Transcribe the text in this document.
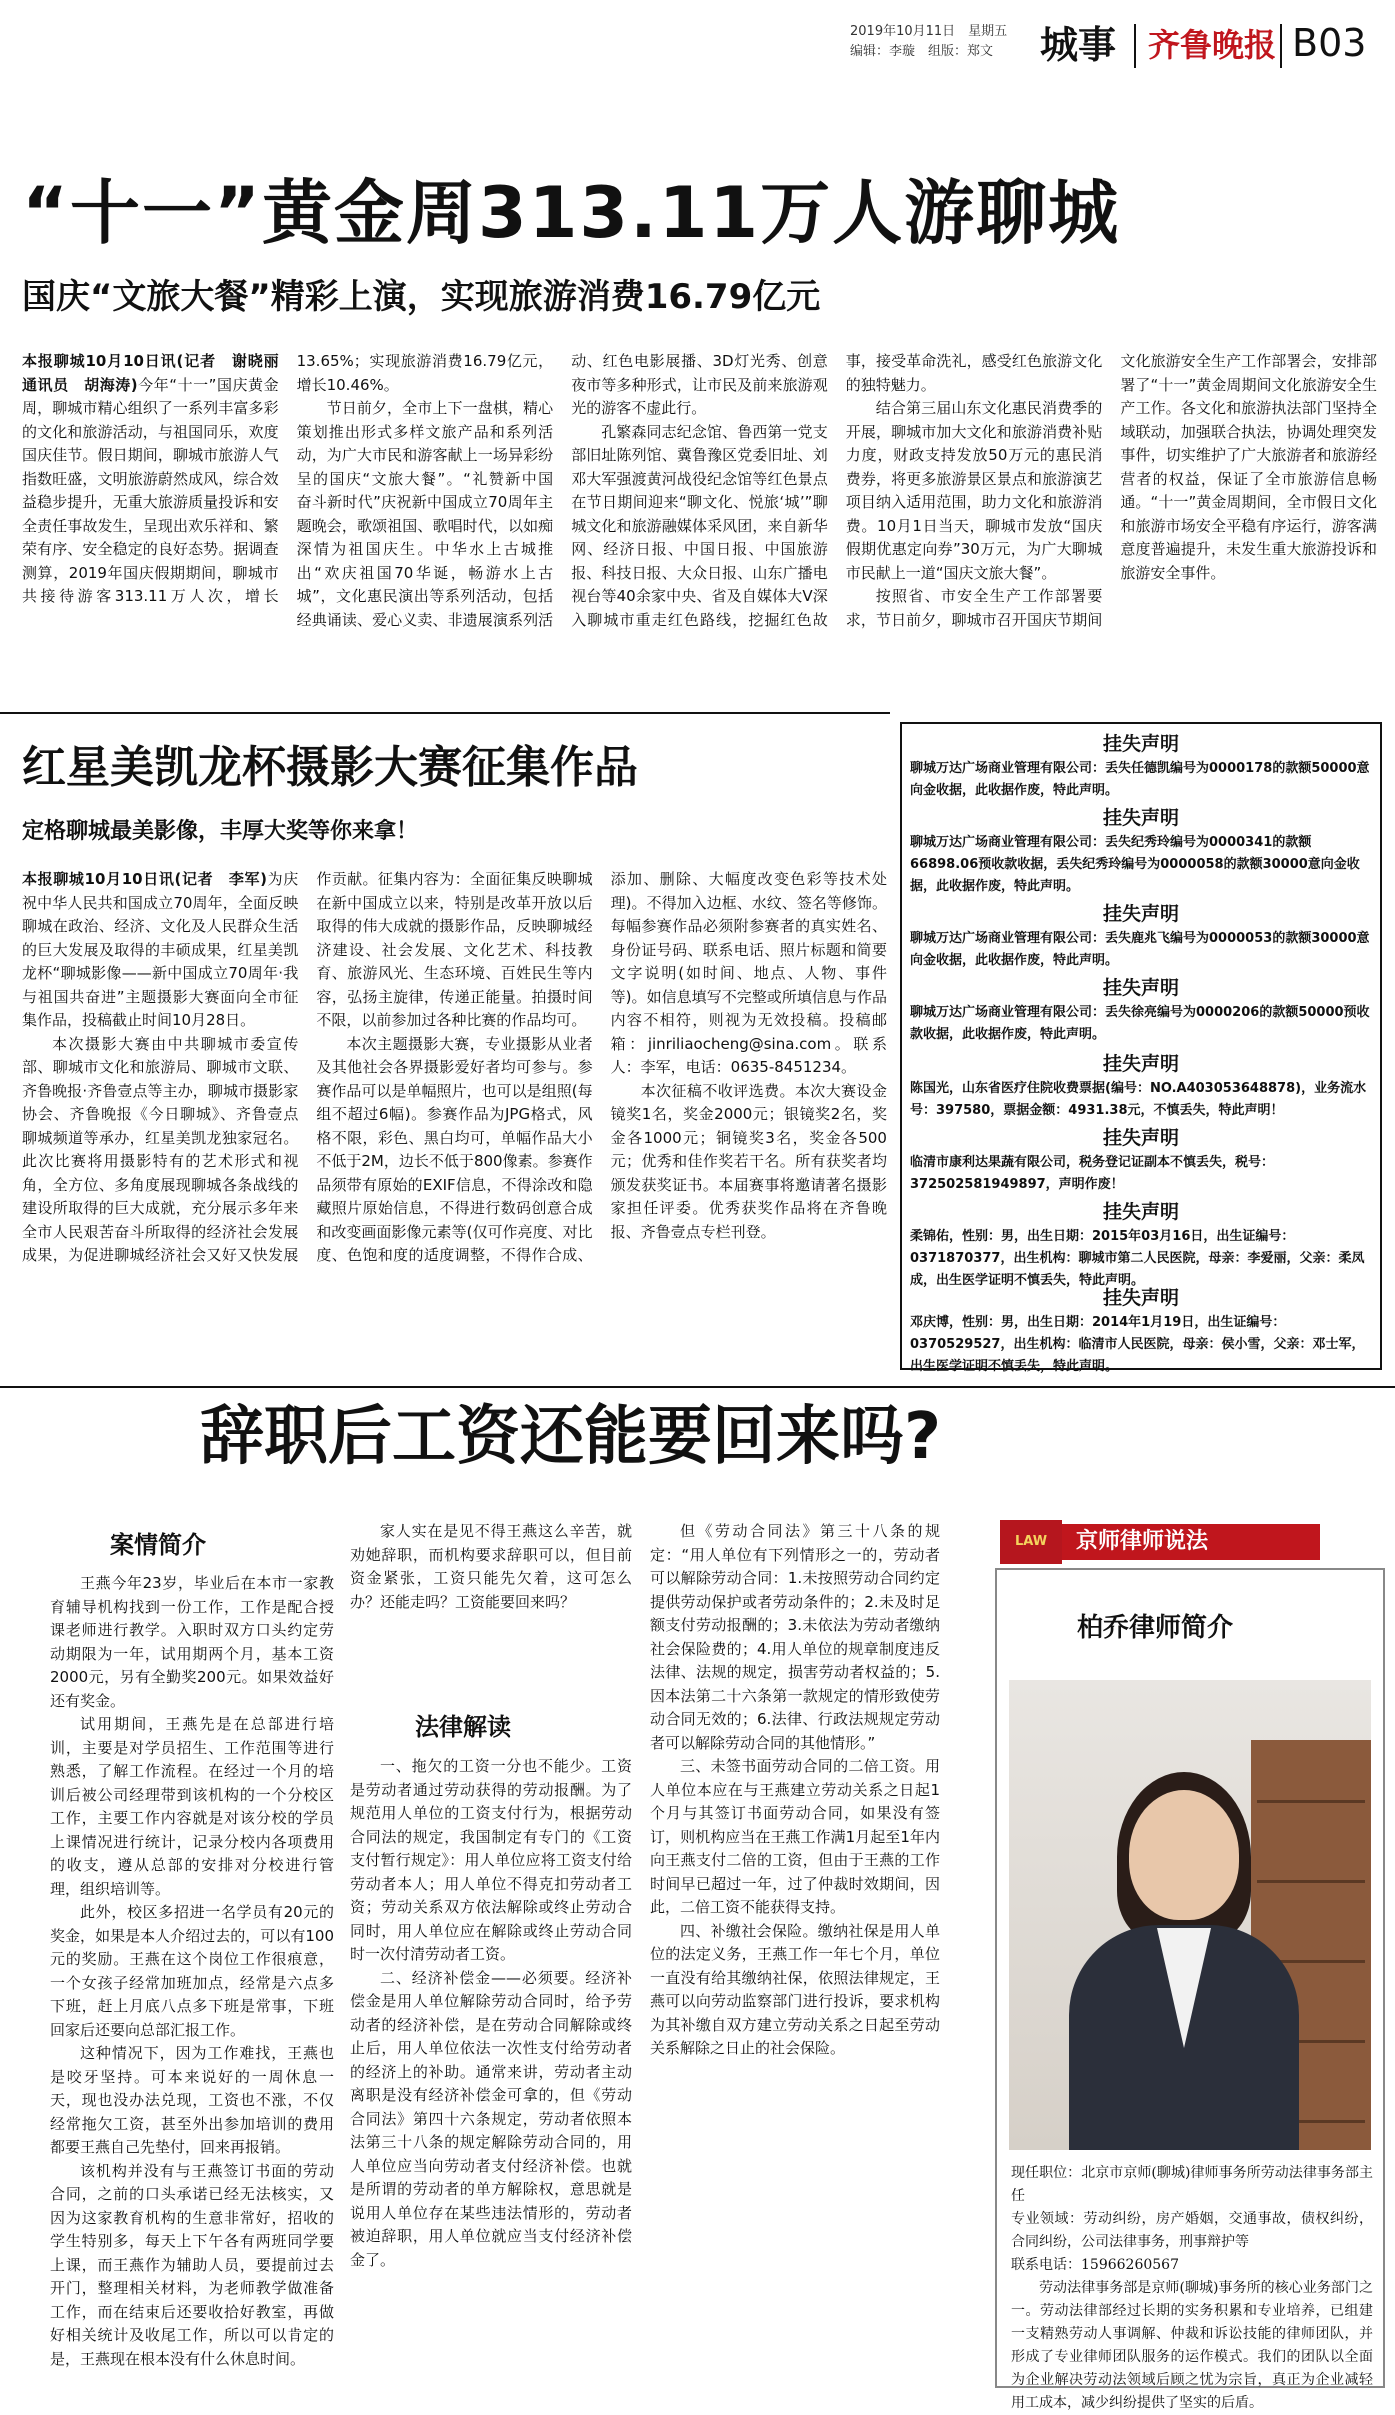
2019年10月11日　星期五
编辑：李璇　组版：郑文	城事 齐鲁晚报 B03
“十一”黄金周313.11万人游聊城
国庆“文旅大餐”精彩上演，实现旅游消费16.79亿元

本报聊城10月10日讯(记者　谢晓丽　通讯员　胡海涛)今年“十一”国庆黄金周，聊城市精心组织了一系列丰富多彩的文化和旅游活动，与祖国同乐，欢度国庆佳节。假日期间，聊城市旅游人气指数旺盛，文明旅游蔚然成风，综合效益稳步提升，无重大旅游质量投诉和安全责任事故发生，呈现出欢乐祥和、繁荣有序、安全稳定的良好态势。据调查测算，2019年国庆假期期间，聊城市共接待游客313.11万人次，增长13.65%；实现旅游消费16.79亿元，增长10.46%。

节日前夕，全市上下一盘棋，精心策划推出形式多样文旅产品和系列活动，为广大市民和游客献上一场异彩纷呈的国庆“文旅大餐”。“礼赞新中国　奋斗新时代”庆祝新中国成立70周年主题晚会，歌颂祖国、歌唱时代，以如痴深情为祖国庆生。中华水上古城推出“欢庆祖国70华诞，畅游水上古城”，文化惠民演出等系列活动，包括经典诵读、爱心义卖、非遗展演系列活动、红色电影展播、3D灯光秀、创意夜市等多种形式，让市民及前来旅游观光的游客不虚此行。

孔繁森同志纪念馆、鲁西第一党支部旧址陈列馆、冀鲁豫区党委旧址、刘邓大军强渡黄河战役纪念馆等红色景点在节日期间迎来“聊文化、悦旅‘城’”聊城文化和旅游融媒体采风团，来自新华网、经济日报、中国日报、中国旅游报、科技日报、大众日报、山东广播电视台等40余家中央、省及自媒体大V深入聊城市重走红色路线，挖掘红色故事，接受革命洗礼，感受红色旅游文化的独特魅力。

结合第三届山东文化惠民消费季的开展，聊城市加大文化和旅游消费补贴力度，财政支持发放50万元的惠民消费券，将更多旅游景区景点和旅游演艺项目纳入适用范围，助力文化和旅游消费。10月1日当天，聊城市发放“国庆假期优惠定向券”30万元，为广大聊城市民献上一道“国庆文旅大餐”。

按照省、市安全生产工作部署要求，节日前夕，聊城市召开国庆节期间文化旅游安全生产工作部署会，安排部署了“十一”黄金周期间文化旅游安全生产工作。各文化和旅游执法部门坚持全域联动，加强联合执法，协调处理突发事件，切实维护了广大旅游者和旅游经营者的权益，保证了全市旅游信息畅通。“十一”黄金周期间，全市假日文化和旅游市场安全平稳有序运行，游客满意度普遍提升，未发生重大旅游投诉和旅游安全事件。

红星美凯龙杯摄影大赛征集作品
定格聊城最美影像，丰厚大奖等你来拿！

本报聊城10月10日讯(记者　李军)为庆祝中华人民共和国成立70周年，全面反映聊城在政治、经济、文化及人民群众生活的巨大发展及取得的丰硕成果，红星美凯龙杯“聊城影像——新中国成立70周年·我与祖国共奋进”主题摄影大赛面向全市征集作品，投稿截止时间10月28日。

本次摄影大赛由中共聊城市委宣传部、聊城市文化和旅游局、聊城市文联、齐鲁晚报·齐鲁壹点等主办，聊城市摄影家协会、齐鲁晚报《今日聊城》、齐鲁壹点聊城频道等承办，红星美凯龙独家冠名。此次比赛将用摄影特有的艺术形式和视角，全方位、多角度展现聊城各条战线的建设所取得的巨大成就，充分展示多年来全市人民艰苦奋斗所取得的经济社会发展成果，为促进聊城经济社会又好又快发展作贡献。征集内容为：全面征集反映聊城在新中国成立以来，特别是改革开放以后取得的伟大成就的摄影作品，反映聊城经济建设、社会发展、文化艺术、科技教育、旅游风光、生态环境、百姓民生等内容，弘扬主旋律，传递正能量。拍摄时间不限，以前参加过各种比赛的作品均可。

本次主题摄影大赛，专业摄影从业者及其他社会各界摄影爱好者均可参与。参赛作品可以是单幅照片，也可以是组照(每组不超过6幅)。参赛作品为JPG格式，风格不限，彩色、黑白均可，单幅作品大小不低于2M，边长不低于800像素。参赛作品须带有原始的EXIF信息，不得涂改和隐藏照片原始信息，不得进行数码创意合成和改变画面影像元素等(仅可作亮度、对比度、色饱和度的适度调整，不得作合成、添加、删除、大幅度改变色彩等技术处理)。不得加入边框、水纹、签名等修饰。每幅参赛作品必须附参赛者的真实姓名、身份证号码、联系电话、照片标题和简要文字说明(如时间、地点、人物、事件等)。如信息填写不完整或所填信息与作品内容不相符，则视为无效投稿。投稿邮箱：jinriliaocheng@sina.com。联系人：李军，电话：0635-8451234。

本次征稿不收评选费。本次大赛设金镜奖1名，奖金2000元；银镜奖2名，奖金各1000元；铜镜奖3名，奖金各500元；优秀和佳作奖若干名。所有获奖者均颁发获奖证书。本届赛事将邀请著名摄影家担任评委。优秀获奖作品将在齐鲁晚报、齐鲁壹点专栏刊登。

挂失声明
聊城万达广场商业管理有限公司：丢失任德凯编号为0000178的款额50000意向金收据，此收据作废，特此声明。
挂失声明
聊城万达广场商业管理有限公司：丢失纪秀玲编号为0000341的款额66898.06预收款收据，丢失纪秀玲编号为0000058的款额30000意向金收据，此收据作废，特此声明。
挂失声明
聊城万达广场商业管理有限公司：丢失鹿兆飞编号为0000053的款额30000意向金收据，此收据作废，特此声明。
挂失声明
聊城万达广场商业管理有限公司：丢失徐亮编号为0000206的款额50000预收款收据，此收据作废，特此声明。
挂失声明
陈国光，山东省医疗住院收费票据(编号：NO.A403053648878)，业务流水号：397580，票据金额：4931.38元，不慎丢失，特此声明！
挂失声明
临清市康利达果蔬有限公司，税务登记证副本不慎丢失，税号：372502581949897，声明作废！
挂失声明
柔锦佑，性别：男，出生日期：2015年03月16日，出生证编号：0371870377，出生机构：聊城市第二人民医院，母亲：李爱丽，父亲：柔凤成，出生医学证明不慎丢失，特此声明。
挂失声明
邓庆博，性别：男，出生日期：2014年1月19日，出生证编号：0370529527，出生机构：临清市人民医院，母亲：侯小雪，父亲：邓士军，出生医学证明不慎丢失，特此声明。
辞职后工资还能要回来吗?
案情简介

王燕今年23岁，毕业后在本市一家教育辅导机构找到一份工作，工作是配合授课老师进行教学。入职时双方口头约定劳动期限为一年，试用期两个月，基本工资2000元，另有全勤奖200元。如果效益好还有奖金。

试用期间，王燕先是在总部进行培训，主要是对学员招生、工作范围等进行熟悉，了解工作流程。在经过一个月的培训后被公司经理带到该机构的一个分校区工作，主要工作内容就是对该分校的学员上课情况进行统计，记录分校内各项费用的收支，遵从总部的安排对分校进行管理，组织培训等。

此外，校区多招进一名学员有20元的奖金，如果是本人介绍过去的，可以有100元的奖励。王燕在这个岗位工作很痕意，一个女孩子经常加班加点，经常是六点多下班，赶上月底八点多下班是常事，下班回家后还要向总部汇报工作。

这种情况下，因为工作难找，王燕也是咬牙坚持。可本来说好的一周休息一天，现也没办法兑现，工资也不涨，不仅经常拖欠工资，甚至外出参加培训的费用都要王燕自己先垫付，回来再报销。

该机构并没有与王燕签订书面的劳动合同，之前的口头承诺已经无法核实，又因为这家教育机构的生意非常好，招收的学生特别多，每天上下午各有两班同学要上课，而王燕作为辅助人员，要提前过去开门，整理相关材料，为老师教学做准备工作，而在结束后还要收拾好教室，再做好相关统计及收尾工作，所以可以肯定的是，王燕现在根本没有什么休息时间。

家人实在是见不得王燕这么辛苦，就劝她辞职，而机构要求辞职可以，但目前资金紧张，工资只能先欠着，这可怎么办？还能走吗？工资能要回来吗？

法律解读

一、拖欠的工资一分也不能少。工资是劳动者通过劳动获得的劳动报酬。为了规范用人单位的工资支付行为，根据劳动合同法的规定，我国制定有专门的《工资支付暂行规定》：用人单位应将工资支付给劳动者本人；用人单位不得克扣劳动者工资；劳动关系双方依法解除或终止劳动合同时，用人单位应在解除或终止劳动合同时一次付清劳动者工资。

二、经济补偿金——必须要。经济补偿金是用人单位解除劳动合同时，给予劳动者的经济补偿，是在劳动合同解除或终止后，用人单位依法一次性支付给劳动者的经济上的补助。通常来讲，劳动者主动离职是没有经济补偿金可拿的，但《劳动合同法》第四十六条规定，劳动者依照本法第三十八条的规定解除劳动合同的，用人单位应当向劳动者支付经济补偿。也就是所谓的劳动者的单方解除权，意思就是说用人单位存在某些违法情形的，劳动者被迫辞职，用人单位就应当支付经济补偿金了。

但《劳动合同法》第三十八条的规定：“用人单位有下列情形之一的，劳动者可以解除劳动合同：1.未按照劳动合同约定提供劳动保护或者劳动条件的；2.未及时足额支付劳动报酬的；3.未依法为劳动者缴纳社会保险费的；4.用人单位的规章制度违反法律、法规的规定，损害劳动者权益的；5.因本法第二十六条第一款规定的情形致使劳动合同无效的；6.法律、行政法规规定劳动者可以解除劳动合同的其他情形。”

三、未签书面劳动合同的二倍工资。用人单位本应在与王燕建立劳动关系之日起1个月与其签订书面劳动合同，如果没有签订，则机构应当在王燕工作满1月起至1年内向王燕支付二倍的工资，但由于王燕的工作时间早已超过一年，过了仲裁时效期间，因此，二倍工资不能获得支持。

四、补缴社会保险。缴纳社保是用人单位的法定义务，王燕工作一年七个月，单位一直没有给其缴纳社保，依照法律规定，王燕可以向劳动监察部门进行投诉，要求机构为其补缴自双方建立劳动关系之日起至劳动关系解除之日止的社会保险。

LAW	京师律师说法
柏乔律师简介

现任职位：北京市京师(聊城)律师事务所劳动法律事务部主任

专业领域：劳动纠纷，房产婚姻，交通事故，债权纠纷，合同纠纷，公司法律事务，刑事辩护等

联系电话：15966260567

劳动法律事务部是京师(聊城)事务所的核心业务部门之一。劳动法律部经过长期的实务积累和专业培养，已组建一支精熟劳动人事调解、仲裁和诉讼技能的律师团队，并形成了专业律师团队服务的运作模式。我们的团队以全面为企业解决劳动法领域后顾之忧为宗旨，真正为企业减轻用工成本，减少纠纷提供了坚实的后盾。
